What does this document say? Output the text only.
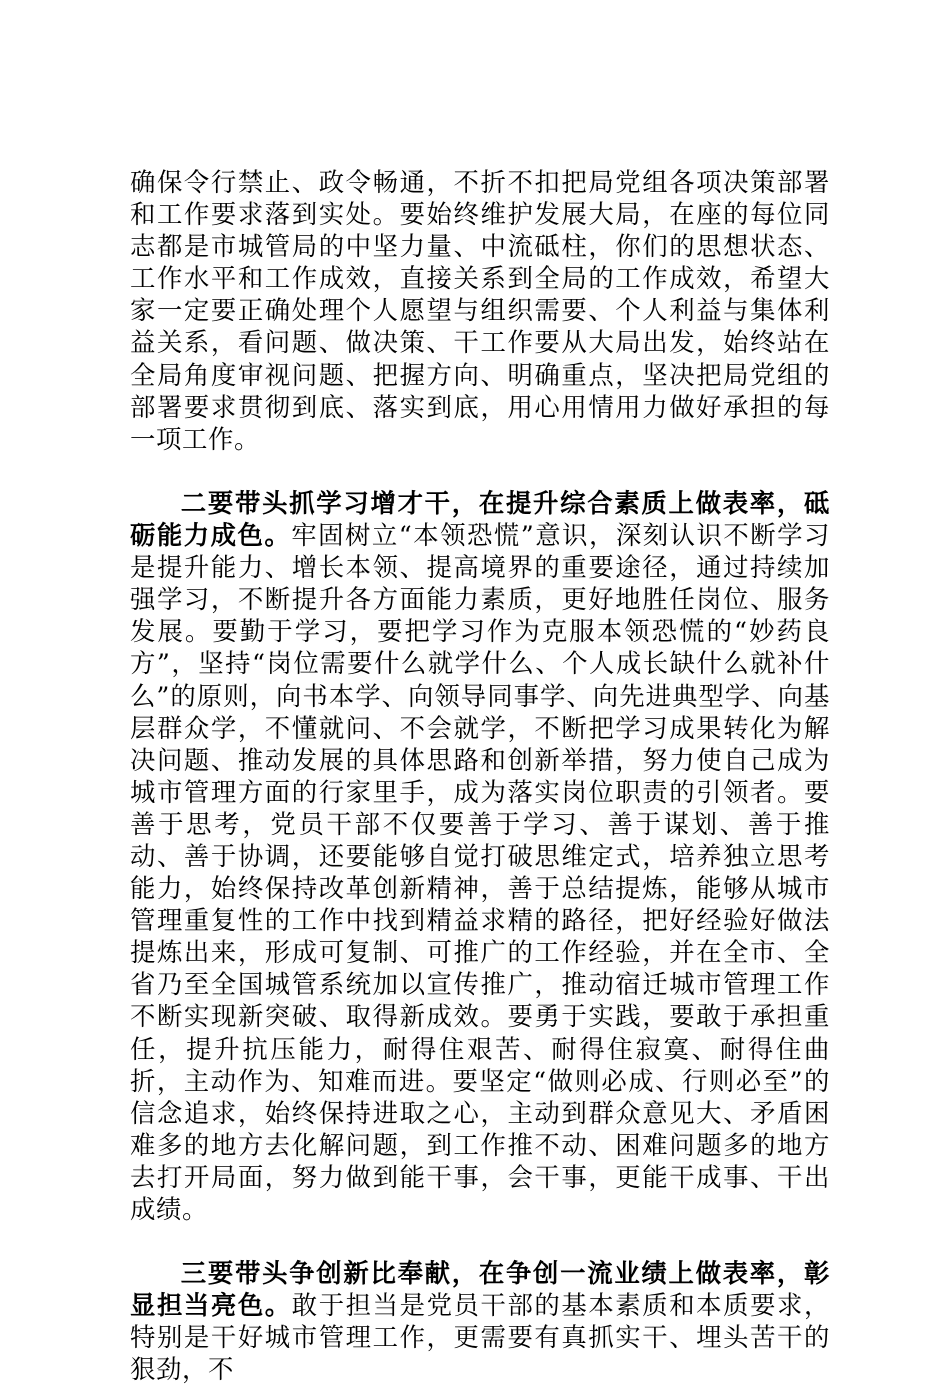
确保令行禁止、政令畅通，不折不扣把局党组各项决策部署和工作要求落到实处。要始终维护发展大局，在座的每位同志都是市城管局的中坚力量、中流砥柱，你们的思想状态、工作水平和工作成效，直接关系到全局的工作成效，希望大家一定要正确处理个人愿望与组织需要、个人利益与集体利益关系，看问题、做决策、干工作要从大局出发，始终站在全局角度审视问题、把握方向、明确重点，坚决把局党组的部署要求贯彻到底、落实到底，用心用情用力做好承担的每一项工作。

二要带头抓学习增才干，在提升综合素质上做表率，砥砺能力成色。牢固树立“本领恐慌”意识，深刻认识不断学习是提升能力、增长本领、提高境界的重要途径，通过持续加强学习，不断提升各方面能力素质，更好地胜任岗位、服务发展。要勤于学习，要把学习作为克服本领恐慌的“妙药良方”，坚持“岗位需要什么就学什么、个人成长缺什么就补什么”的原则，向书本学、向领导同事学、向先进典型学、向基层群众学，不懂就问、不会就学，不断把学习成果转化为解决问题、推动发展的具体思路和创新举措，努力使自己成为城市管理方面的行家里手，成为落实岗位职责的引领者。要善于思考，党员干部不仅要善于学习、善于谋划、善于推动、善于协调，还要能够自觉打破思维定式，培养独立思考能力，始终保持改革创新精神，善于总结提炼，能够从城市管理重复性的工作中找到精益求精的路径，把好经验好做法提炼出来，形成可复制、可推广的工作经验，并在全市、全省乃至全国城管系统加以宣传推广，推动宿迁城市管理工作不断实现新突破、取得新成效。要勇于实践，要敢于承担重任，提升抗压能力，耐得住艰苦、耐得住寂寞、耐得住曲折，主动作为、知难而进。要坚定“做则必成、行则必至”的信念追求，始终保持进取之心，主动到群众意见大、矛盾困难多的地方去化解问题，到工作推不动、困难问题多的地方去打开局面，努力做到能干事，会干事，更能干成事、干出成绩。

三要带头争创新比奉献，在争创一流业绩上做表率，彰显担当亮色。敢于担当是党员干部的基本素质和本质要求，特别是干好城市管理工作，更需要有真抓实干、埋头苦干的狠劲，不
